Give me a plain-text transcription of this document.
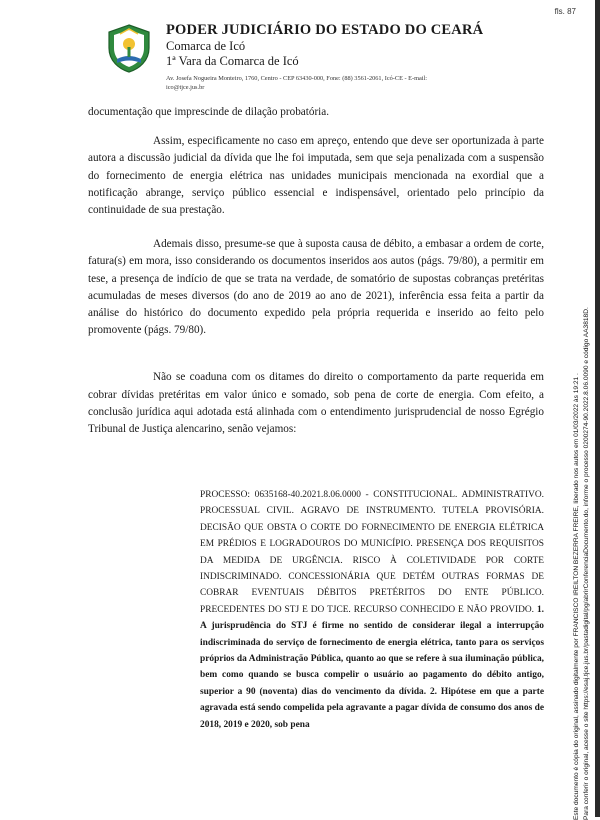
fls. 87
PODER JUDICIÁRIO DO ESTADO DO CEARÁ
Comarca de Icó
1ª Vara da Comarca de Icó
Av. Josefa Nogueira Monteiro, 1760, Centro - CEP 63430-000, Fone: (88) 3561-2061, Icó-CE - E-mail:
ico@tjce.jus.br

documentação que imprescinde de dilação probatória.

Assim, especificamente no caso em apreço, entendo que deve ser oportunizada à parte autora a discussão judicial da dívida que lhe foi imputada, sem que seja penalizada com a suspensão do fornecimento de energia elétrica nas unidades municipais mencionada na exordial que a notificação abrange, serviço público essencial e indispensável, orientado pelo princípio da continuidade de sua prestação.

Ademais disso, presume-se que à suposta causa de débito, a embasar a ordem de corte, fatura(s) em mora, isso considerando os documentos inseridos aos autos (págs. 79/80), a permitir em tese, a presença de indício de que se trata na verdade, de somatório de supostas cobranças pretéritas acumuladas de meses diversos (do ano de 2019 ao ano de 2021), inferência essa feita a partir da análise do histórico do documento expedido pela própria requerida e inserido ao feito pelo promovente (págs. 79/80).

Não se coaduna com os ditames do direito o comportamento da parte requerida em cobrar dívidas pretéritas em valor único e somado, sob pena de corte de energia. Com efeito, a conclusão jurídica aqui adotada está alinhada com o entendimento jurisprudencial de nosso Egrégio Tribunal de Justiça alencarino, senão vejamos:

PROCESSO: 0635168-40.2021.8.06.0000 - CONSTITUCIONAL. ADMINISTRATIVO. PROCESSUAL CIVIL. AGRAVO DE INSTRUMENTO. TUTELA PROVISÓRIA. DECISÃO QUE OBSTA O CORTE DO FORNECIMENTO DE ENERGIA ELÉTRICA EM PRÉDIOS E LOGRADOUROS DO MUNICÍPIO. PRESENÇA DOS REQUISITOS DA MEDIDA DE URGÊNCIA. RISCO À COLETIVIDADE POR CORTE INDISCRIMINADO. CONCESSIONÁRIA QUE DETÉM OUTRAS FORMAS DE COBRAR EVENTUAIS DÉBITOS PRETÉRITOS DO ENTE PÚBLICO. PRECEDENTES DO STJ E DO TJCE. RECURSO CONHECIDO E NÃO PROVIDO. 1. A jurisprudência do STJ é firme no sentido de considerar ilegal a interrupção indiscriminada do serviço de fornecimento de energia elétrica, tanto para os serviços próprios da Administração Pública, quanto ao que se refere à sua iluminação pública, bem como quando se busca compelir o usuário ao pagamento do débito antigo, superior a 90 (noventa) dias do vencimento da dívida. 2. Hipótese em que a parte agravada está sendo compelida pela agravante a pagar dívida de consumo dos anos de 2018, 2019 e 2020, sob pena	Este documento é cópia do original, assinado digitalmente por FRANCISCO IREILTON BEZERRA FREIRE, liberado nos autos em 01/03/2022 às 19:21 . Para conferir o original, acesse o site https://esaj.tjce.jus.br/pastadigital/pg/abrirConferenciaDocumento.do, informe o processo 0200274-90.2022.8.06.0090 e código AA3818D.
